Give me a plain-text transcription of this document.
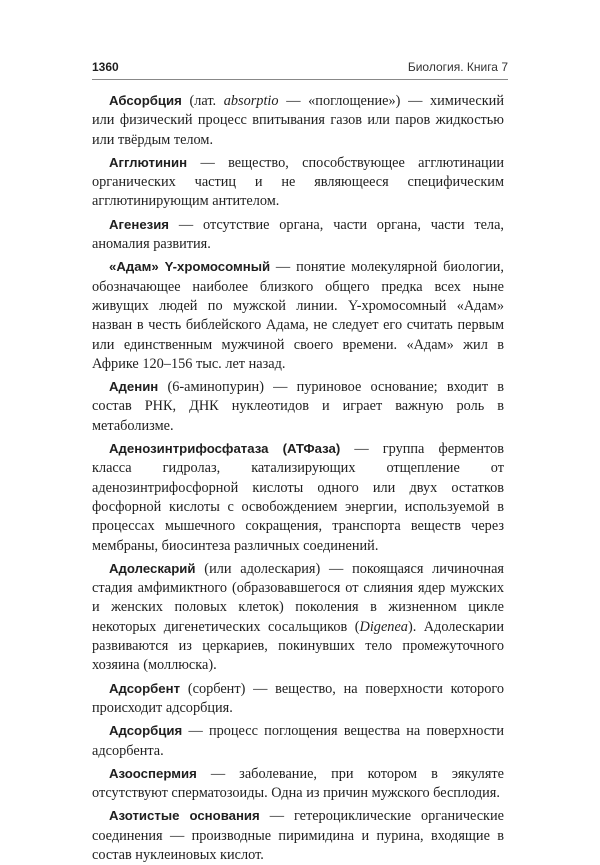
1360	Биология. Книга 7

Абсорбция (лат. absorptio — «поглощение») — химический или физический процесс впитывания газов или паров жидкостью или твёрдым телом.

Агглютинин — вещество, способствующее агглютинации органических частиц и не являющееся специфическим агглютинирующим антителом.

Агенезия — отсутствие органа, части органа, части тела, аномалия развития.

«Адам» Y-хромосомный — понятие молекулярной биологии, обозначающее наиболее близкого общего предка всех ныне живущих людей по мужской линии. Y-хромосомный «Адам» назван в честь библейского Адама, не следует его считать первым или единственным мужчиной своего времени. «Адам» жил в Африке 120–156 тыс. лет назад.

Аденин (6-аминопурин) — пуриновое основание; входит в состав РНК, ДНК нуклеотидов и играет важную роль в метаболизме.

Аденозинтрифосфатаза (АТФаза) — группа ферментов класса гидролаз, катализирующих отщепление от аденозинтрифосфорной кислоты одного или двух остатков фосфорной кислоты с освобождением энергии, используемой в процессах мышечного сокращения, транспорта веществ через мембраны, биосинтеза различных соединений.

Адолескарий (или адолескария) — покоящаяся личиночная стадия амфимиктного (образовавшегося от слияния ядер мужских и женских половых клеток) поколения в жизненном цикле некоторых дигенетических сосальщиков (Digenea). Адолескарии развиваются из церкариев, покинувших тело промежуточного хозяина (моллюска).

Адсорбент (сорбент) — вещество, на поверхности которого происходит адсорбция.

Адсорбция — процесс поглощения вещества на поверхности адсорбента.

Азооспермия — заболевание, при котором в эякуляте отсутствуют сперматозоиды. Одна из причин мужского бесплодия.

Азотистые основания — гетероциклические органические соединения — производные пиримидина и пурина, входящие в состав нуклеиновых кислот.
